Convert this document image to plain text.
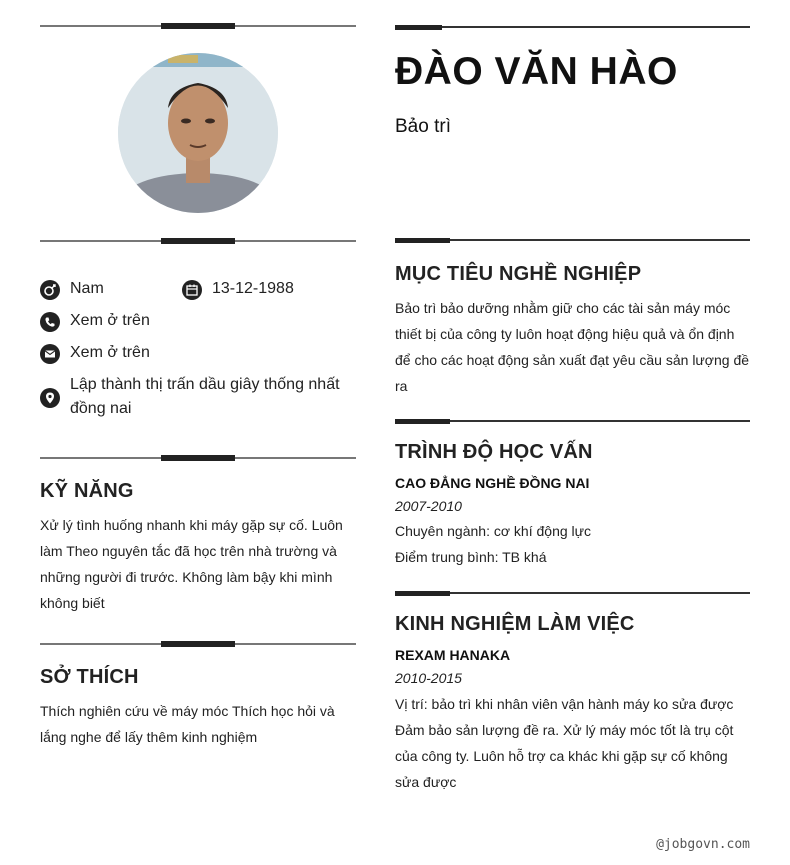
ĐÀO VĂN HÀO
Bảo trì
Nam	13-12-1988
Xem ở trên
Xem ở trên
Lập thành thị trấn dầu giây thống nhất
đồng nai
KỸ NĂNG
Xử lý tình huống nhanh khi máy gặp sự cố. Luôn
làm Theo nguyên tắc đã học trên nhà trường và
những người đi trước. Không làm bậy khi mình
không biết
SỞ THÍCH
Thích nghiên cứu về máy móc Thích học hỏi và
lắng nghe để lấy thêm kinh nghiệm
MỤC TIÊU NGHỀ NGHIỆP
Bảo trì bảo dưỡng nhằm giữ cho các tài sản máy móc
thiết bị của công ty luôn hoạt động hiệu quả và ổn định
để cho các hoạt động sản xuất đạt yêu cầu sản lượng đề
ra
TRÌNH ĐỘ HỌC VẤN
CAO ĐẲNG NGHỀ ĐỒNG NAI
2007-2010
Chuyên ngành: cơ khí động lực
Điểm trung bình: TB khá
KINH NGHIỆM LÀM VIỆC
REXAM HANAKA
2010-2015
Vị trí: bảo trì khi nhân viên vận hành máy ko sửa được
Đảm bảo sản lượng đề ra. Xử lý máy móc tốt là trụ cột
của công ty. Luôn hỗ trợ ca khác khi gặp sự cố không
sửa được
@jobgovn.com
